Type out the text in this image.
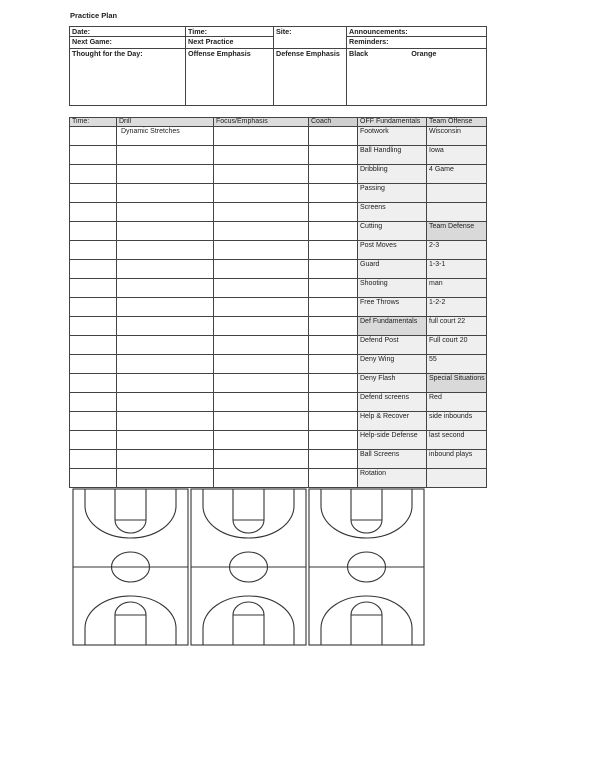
Practice Plan
Date:	Time:	Site:	Announcements:
Next Game:	Next Practice		Reminders:
Thought for the Day:	Offense Emphasis	Defense Emphasis	Black Orange
Time:	Drill	Focus/Emphasis	Coach	OFF Fundamentals	Team Offense
	Dynamic Stretches			Footwork	Wisconsin
				Ball Handling	Iowa
				Dribbling	4 Game
				Passing	
				Screens	
				Cutting	Team Defense
				Post Moves	2-3
				Guard	1-3-1
				Shooting	man
				Free Throws	1-2-2
				Def Fundamentals	full court 22
				Defend Post	Full court 20
				Deny Wing	55
				Deny Flash	Special Situations
				Defend screens	Red
				Help & Recover	side inbounds
				Help-side Defense	last second
				Ball Screens	inbound plays
				Rotation	
